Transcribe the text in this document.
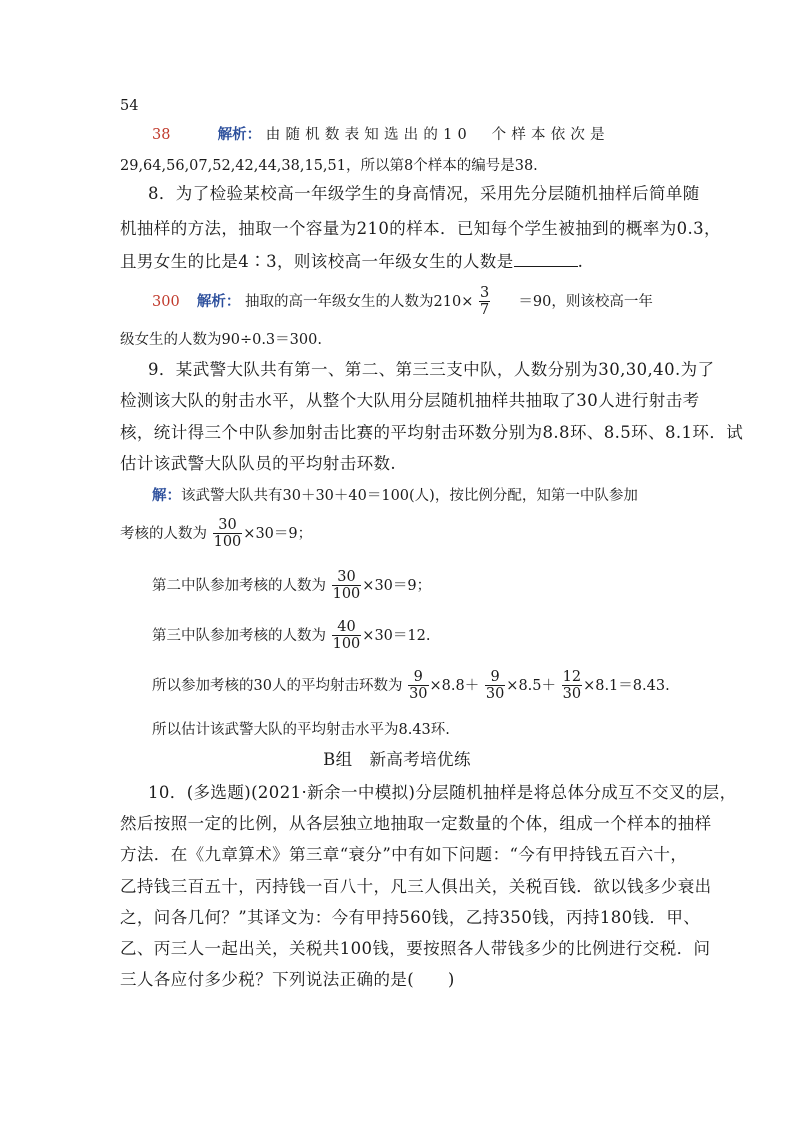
54
38	解析： 由随机数表知选出的10　个样本依次是
29,64,56,07,52,42,44,38,15,51，所以第8个样本的编号是38.
8．为了检验某校高一年级学生的身高情况，采用先分层随机抽样后简单随
机抽样的方法，抽取一个容量为210的样本．已知每个学生被抽到的概率为0.3，
且男女生的比是4∶3，则该校高一年级女生的人数是	.
300 解析： 抽取的高一年级女生的人数为$210\times \frac{3}{7} =90$，则该校高一年
级女生的人数为90÷0.3＝300.
9．某武警大队共有第一、第二、第三三支中队，人数分别为30,30,40.为了
检测该大队的射击水平，从整个大队用分层随机抽样共抽取了30人进行射击考
核，统计得三个中队参加射击比赛的平均射击环数分别为8.8环、8.5环、8.1环．试
估计该武警大队队员的平均射击环数.
解：该武警大队共有30＋30＋40＝100(人)，按比例分配，知第一中队参加
考核的人数为 $\frac{30}{100} \times 30=9$；
第二中队参加考核的人数为 $\frac{30}{100} \times 30=9$；
第三中队参加考核的人数为 $\frac{40}{100} \times 30=12$.
所以参加考核的30人的平均射击环数为 $\frac{9}{30} \times 8.8+ \frac{9}{30} \times 8.5+ \frac{12}{30} \times 8.1=8.43$.
所以估计该武警大队的平均射击水平为8.43环.
B组　新高考培优练
10．(多选题)(2021·新余一中模拟)分层随机抽样是将总体分成互不交叉的层，
然后按照一定的比例，从各层独立地抽取一定数量的个体，组成一个样本的抽样
方法．在《九章算术》第三章“衰分”中有如下问题：“今有甲持钱五百六十，
乙持钱三百五十，丙持钱一百八十，凡三人俱出关，关税百钱．欲以钱多少衰出
之，问各几何？”其译文为：今有甲持560钱，乙持350钱，丙持180钱．甲、
乙、丙三人一起出关，关税共100钱，要按照各人带钱多少的比例进行交税．问
三人各应付多少税？下列说法正确的是(　　)
